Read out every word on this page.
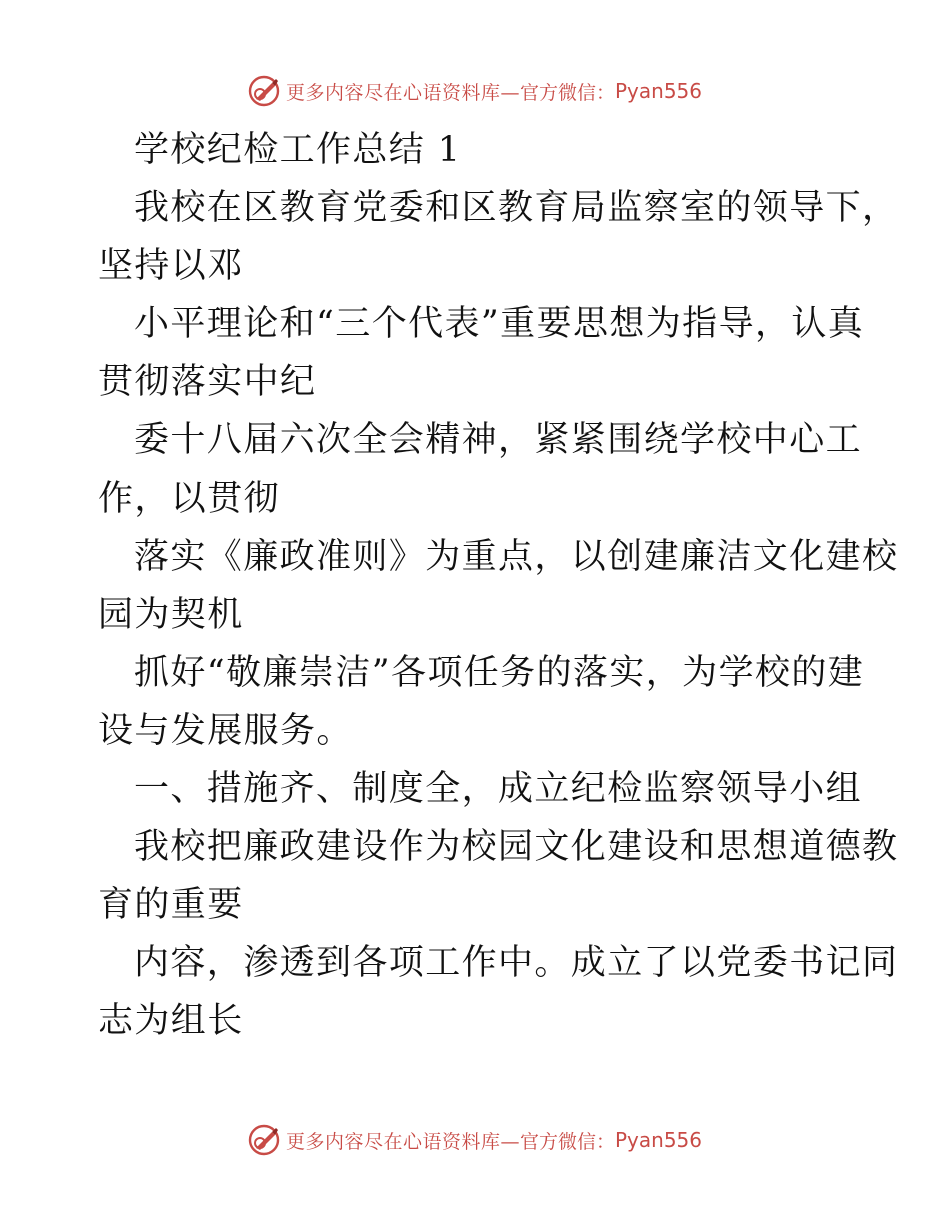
更多内容尽在心语资料库— 官方微信： Pyan556
学校纪检工作总结 1
我校在区教育党委和区教育局监察室的领导下，
坚持以邓
小平理论和“三个代表”重要思想为指导，认真
贯彻落实中纪
委十八届六次全会精神，紧紧围绕学校中心工
作，以贯彻
落实《廉政准则》为重点，以创建廉洁文化建校
园为契机
抓好“敬廉崇洁”各项任务的落实，为学校的建
设与发展服务。
一、措施齐、制度全，成立纪检监察领导小组
我校把廉政建设作为校园文化建设和思想道德教
育的重要
内容，渗透到各项工作中。成立了以党委书记同
志为组长
更多内容尽在心语资料库— 官方微信： Pyan556
